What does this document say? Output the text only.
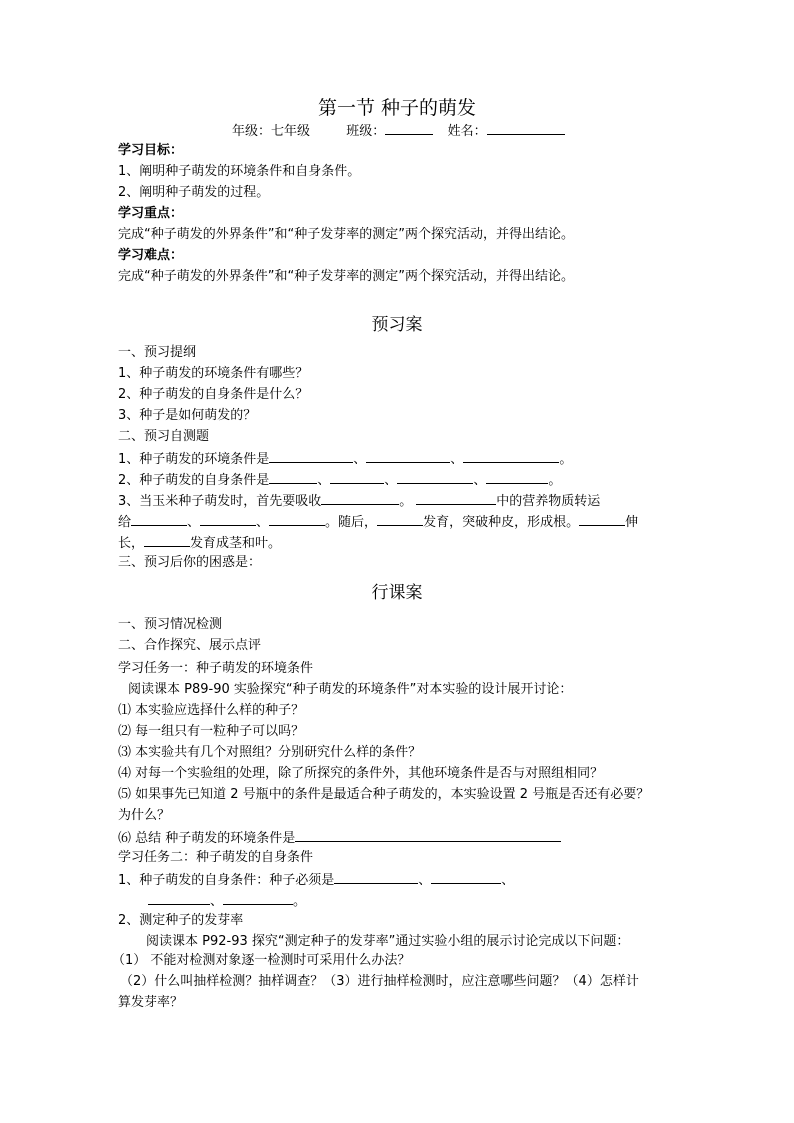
第一节 种子的萌发
年级：七年级	班级：	姓名：
学习目标：
1、阐明种子萌发的环境条件和自身条件。
2、阐明种子萌发的过程。
学习重点：
完成“种子萌发的外界条件”和“种子发芽率的测定”两个探究活动，并得出结论。
学习难点：
完成“种子萌发的外界条件”和“种子发芽率的测定”两个探究活动，并得出结论。
预习案
一、预习提纲
1、种子萌发的环境条件有哪些？
2、种子萌发的自身条件是什么？
3、种子是如何萌发的？
二、预习自测题
1、种子萌发的环境条件是	、	、	。
2、种子萌发的自身条件是	、	、	、	。
3、当玉米种子萌发时，首先要吸收	。	中的营养物质转运
给	、	、	。随后，	发育，突破种皮，形成根。	伸
长，	发育成茎和叶。
三、预习后你的困惑是：
行课案
一、预习情况检测
二、合作探究、展示点评
学习任务一：种子萌发的环境条件
阅读课本 P89-90 实验探究“种子萌发的环境条件”对本实验的设计展开讨论：
⑴ 本实验应选择什么样的种子？
⑵ 每一组只有一粒种子可以吗？
⑶ 本实验共有几个对照组？分别研究什么样的条件？
⑷ 对每一个实验组的处理，除了所探究的条件外，其他环境条件是否与对照组相同？
⑸ 如果事先已知道 2 号瓶中的条件是最适合种子萌发的，本实验设置 2 号瓶是否还有必要？
为什么？
⑹ 总结 种子萌发的环境条件是
学习任务二：种子萌发的自身条件
1、种子萌发的自身条件：种子必须是	、	、
、	。
2、测定种子的发芽率
阅读课本 P92-93 探究“测定种子的发芽率”通过实验小组的展示讨论完成以下问题：
（1） 不能对检测对象逐一检测时可采用什么办法？
（2）什么叫抽样检测？抽样调查？（3）进行抽样检测时，应注意哪些问题？（4）怎样计
算发芽率？
